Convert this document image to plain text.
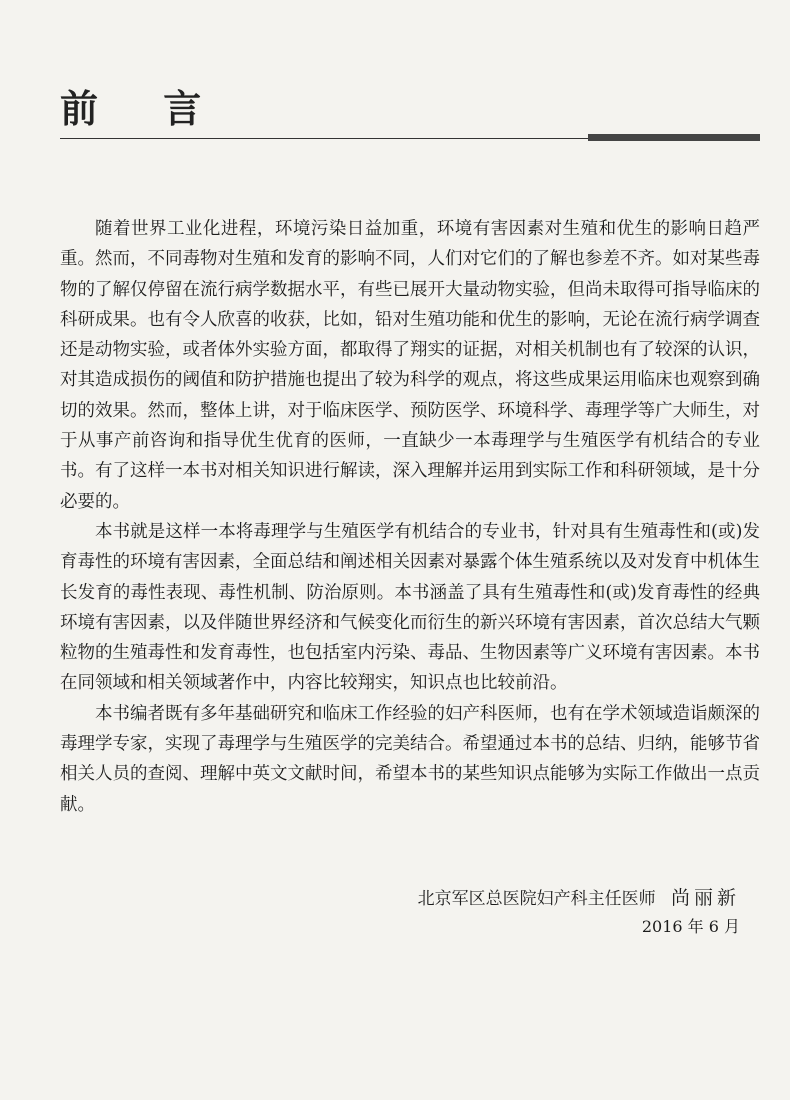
前 言

随着世界工业化进程，环境污染日益加重，环境有害因素对生殖和优生的影响日趋严重。然而，不同毒物对生殖和发育的影响不同，人们对它们的了解也参差不齐。如对某些毒物的了解仅停留在流行病学数据水平，有些已展开大量动物实验，但尚未取得可指导临床的科研成果。也有令人欣喜的收获，比如，铅对生殖功能和优生的影响，无论在流行病学调查还是动物实验，或者体外实验方面，都取得了翔实的证据，对相关机制也有了较深的认识，对其造成损伤的阈值和防护措施也提出了较为科学的观点，将这些成果运用临床也观察到确切的效果。然而，整体上讲，对于临床医学、预防医学、环境科学、毒理学等广大师生，对于从事产前咨询和指导优生优育的医师，一直缺少一本毒理学与生殖医学有机结合的专业书。有了这样一本书对相关知识进行解读，深入理解并运用到实际工作和科研领域，是十分必要的。

本书就是这样一本将毒理学与生殖医学有机结合的专业书，针对具有生殖毒性和(或)发育毒性的环境有害因素，全面总结和阐述相关因素对暴露个体生殖系统以及对发育中机体生长发育的毒性表现、毒性机制、防治原则。本书涵盖了具有生殖毒性和(或)发育毒性的经典环境有害因素，以及伴随世界经济和气候变化而衍生的新兴环境有害因素，首次总结大气颗粒物的生殖毒性和发育毒性，也包括室内污染、毒品、生物因素等广义环境有害因素。本书在同领域和相关领域著作中，内容比较翔实，知识点也比较前沿。

本书编者既有多年基础研究和临床工作经验的妇产科医师，也有在学术领域造诣颇深的毒理学专家，实现了毒理学与生殖医学的完美结合。希望通过本书的总结、归纳，能够节省相关人员的查阅、理解中英文文献时间，希望本书的某些知识点能够为实际工作做出一点贡献。

北京军区总医院妇产科主任医师 尚丽新
2016 年 6 月
